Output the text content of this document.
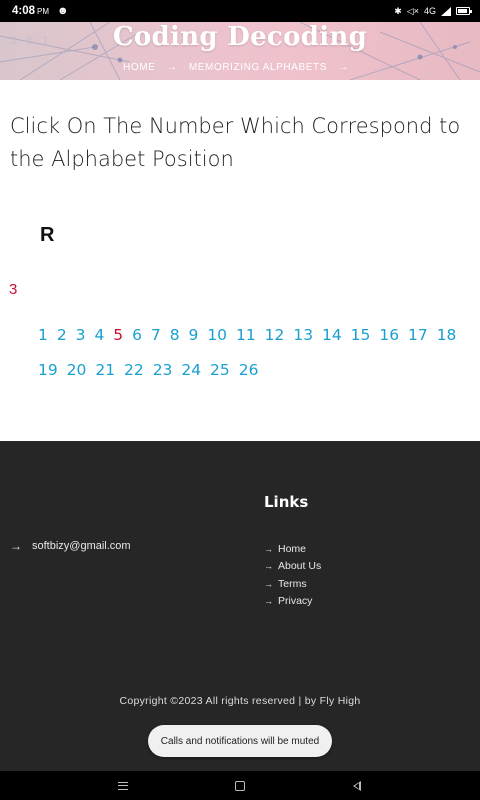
4:08 PM ☻	✱ ◁× 4G
1 0 1	Coding Decoding
HOME → MEMORIZING ALPHABETS →
Click On The Number Which Correspond to the Alphabet Position
R
3
1 2 3 4 5 6 7 8 9 10 11 12 13 14 15 16 17 18 19 20 21 22 23 24 25 26
Links
→ softbizy@gmail.com	→ Home
→ About Us
→ Terms
→ Privacy
Copyright ©2023 All rights reserved | by Fly High
Calls and notifications will be muted
